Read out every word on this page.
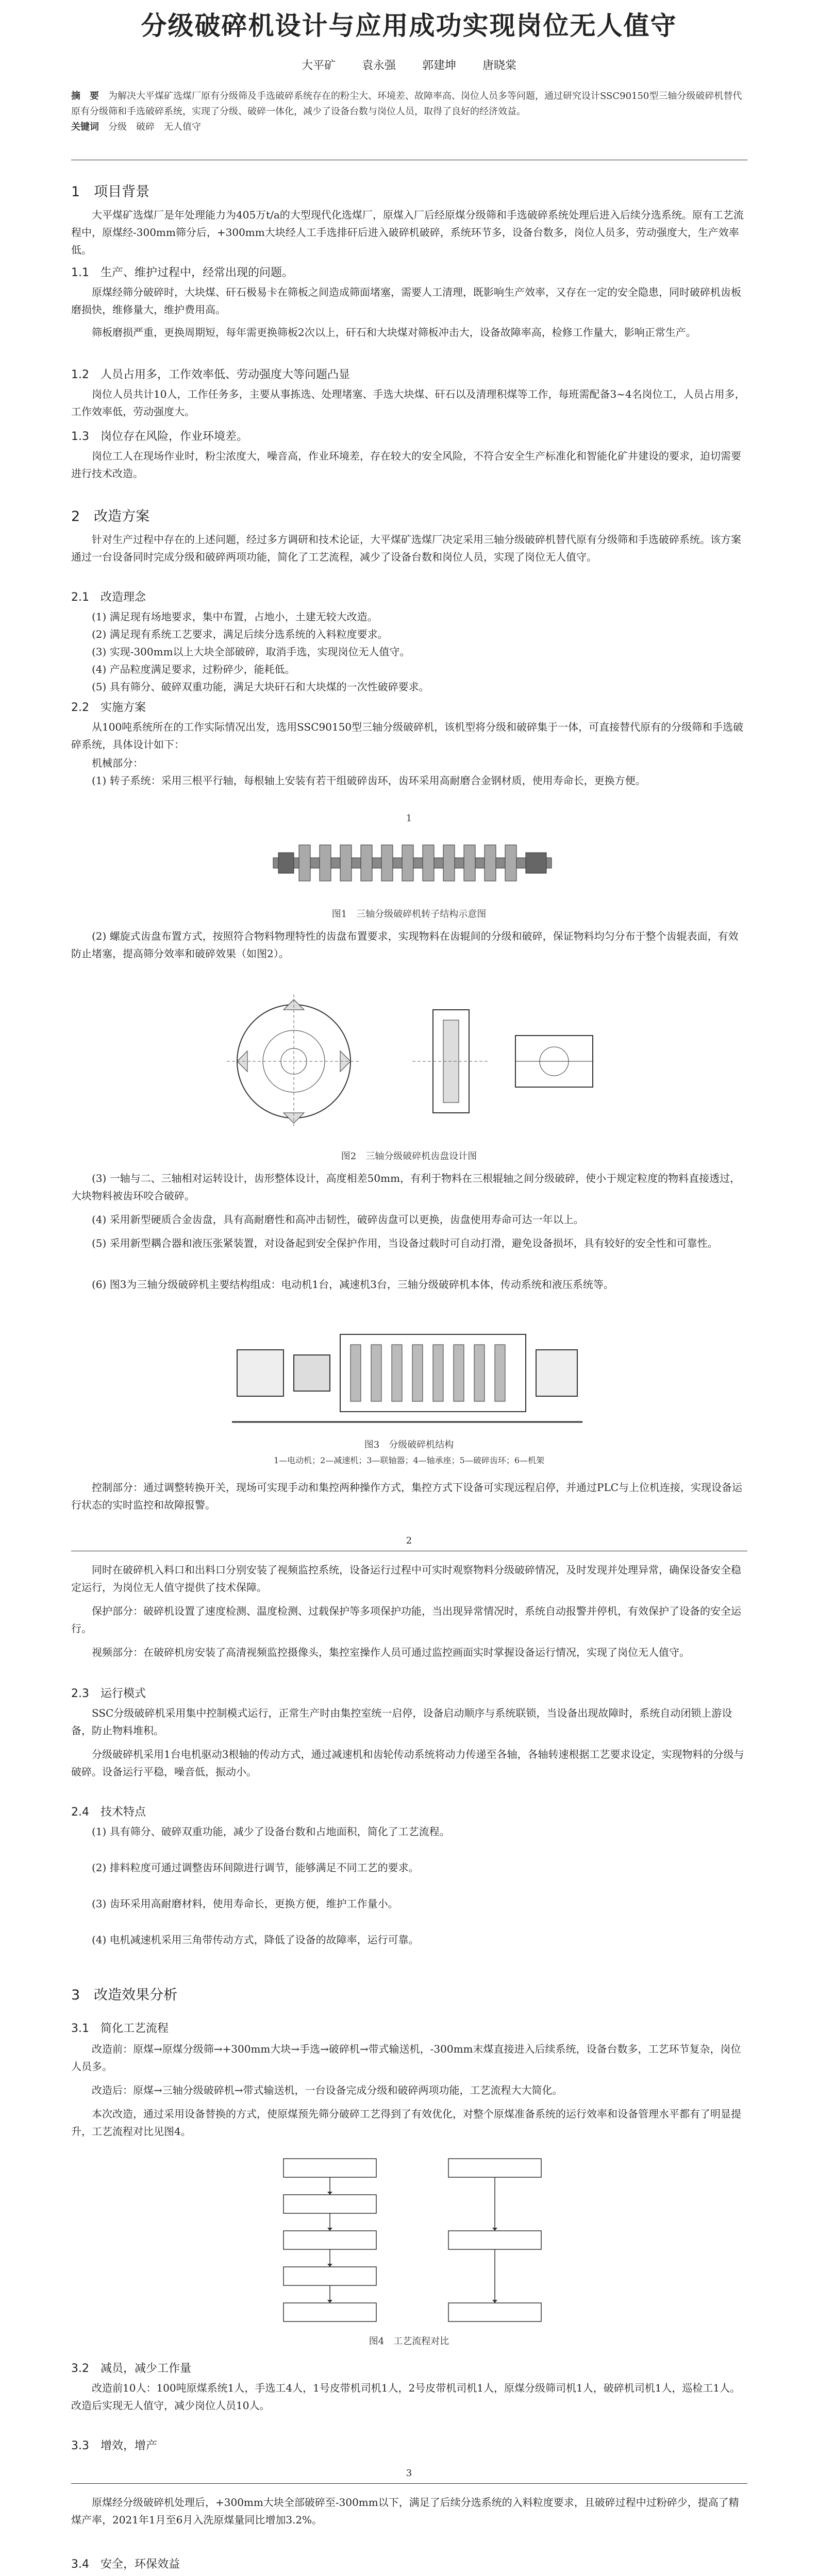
分级破碎机设计与应用成功实现岗位无人值守
大平矿 袁永强 郭建坤 唐晓棠
摘　要　 为解决大平煤矿选煤厂原有分级筛及手选破碎系统存在的粉尘大、环境差、故障率高、岗位人员多等问题，通过研究设计SSC90150型三轴分级破碎机替代原有分级筛和手选破碎系统，实现了分级、破碎一体化，减少了设备台数与岗位人员，取得了良好的经济效益。
关键词　 分级　破碎　无人值守
1　项目背景
大平煤矿选煤厂是年处理能力为405万t/a的大型现代化选煤厂，原煤入厂后经原煤分级筛和手选破碎系统处理后进入后续分选系统。原有工艺流程中，原煤经-300mm筛分后，+300mm大块经人工手选排矸后进入破碎机破碎，系统环节多，设备台数多，岗位人员多，劳动强度大，生产效率低。
1.1　生产、维护过程中，经常出现的问题。
原煤经筛分破碎时，大块煤、矸石极易卡在筛板之间造成筛面堵塞，需要人工清理，既影响生产效率，又存在一定的安全隐患，同时破碎机齿板磨损快，维修量大，维护费用高。
筛板磨损严重，更换周期短，每年需更换筛板2次以上，矸石和大块煤对筛板冲击大，设备故障率高，检修工作量大，影响正常生产。
1.2　人员占用多，工作效率低、劳动强度大等问题凸显
岗位人员共计10人，工作任务多，主要从事拣选、处理堵塞、手选大块煤、矸石以及清理积煤等工作，每班需配备3~4名岗位工，人员占用多，工作效率低，劳动强度大。
1.3　岗位存在风险，作业环境差。
岗位工人在现场作业时，粉尘浓度大，噪音高，作业环境差，存在较大的安全风险，不符合安全生产标准化和智能化矿井建设的要求，迫切需要进行技术改造。
2　改造方案
针对生产过程中存在的上述问题，经过多方调研和技术论证，大平煤矿选煤厂决定采用三轴分级破碎机替代原有分级筛和手选破碎系统。该方案通过一台设备同时完成分级和破碎两项功能，简化了工艺流程，减少了设备台数和岗位人员，实现了岗位无人值守。
2.1　改造理念
(1) 满足现有场地要求，集中布置，占地小，土建无较大改造。
(2) 满足现有系统工艺要求，满足后续分选系统的入料粒度要求。
(3) 实现-300mm以上大块全部破碎，取消手选，实现岗位无人值守。
(4) 产品粒度满足要求，过粉碎少，能耗低。
(5) 具有筛分、破碎双重功能，满足大块矸石和大块煤的一次性破碎要求。
2.2　实施方案
从100吨系统所在的工作实际情况出发，选用SSC90150型三轴分级破碎机，该机型将分级和破碎集于一体，可直接替代原有的分级筛和手选破碎系统，具体设计如下：
机械部分：
(1) 转子系统：采用三根平行轴，每根轴上安装有若干组破碎齿环，齿环采用高耐磨合金钢材质，使用寿命长，更换方便。
1
图1　三轴分级破碎机转子结构示意图
(2) 螺旋式齿盘布置方式，按照符合物料物理特性的齿盘布置要求，实现物料在齿辊间的分级和破碎，保证物料均匀分布于整个齿辊表面，有效防止堵塞，提高筛分效率和破碎效果（如图2）。
图2　三轴分级破碎机齿盘设计图
(3) 一轴与二、三轴相对运转设计，齿形整体设计，高度相差50mm，有利于物料在三根辊轴之间分级破碎，使小于规定粒度的物料直接透过，大块物料被齿环咬合破碎。
(4) 采用新型硬质合金齿盘，具有高耐磨性和高冲击韧性，破碎齿盘可以更换，齿盘使用寿命可达一年以上。
(5) 采用新型耦合器和液压张紧装置，对设备起到安全保护作用，当设备过载时可自动打滑，避免设备损坏，具有较好的安全性和可靠性。
(6) 图3为三轴分级破碎机主要结构组成：电动机1台，减速机3台，三轴分级破碎机本体，传动系统和液压系统等。
图3　分级破碎机结构
1—电动机；2—减速机；3—联轴器；4—轴承座；5—破碎齿环；6—机架
控制部分：通过调整转换开关，现场可实现手动和集控两种操作方式，集控方式下设备可实现远程启停，并通过PLC与上位机连接，实现设备运行状态的实时监控和故障报警。
2
同时在破碎机入料口和出料口分别安装了视频监控系统，设备运行过程中可实时观察物料分级破碎情况，及时发现并处理异常，确保设备安全稳定运行，为岗位无人值守提供了技术保障。
保护部分：破碎机设置了速度检测、温度检测、过载保护等多项保护功能，当出现异常情况时，系统自动报警并停机，有效保护了设备的安全运行。
视频部分：在破碎机房安装了高清视频监控摄像头，集控室操作人员可通过监控画面实时掌握设备运行情况，实现了岗位无人值守。
2.3　运行模式
SSC分级破碎机采用集中控制模式运行，正常生产时由集控室统一启停，设备启动顺序与系统联锁，当设备出现故障时，系统自动闭锁上游设备，防止物料堆积。
分级破碎机采用1台电机驱动3根轴的传动方式，通过减速机和齿轮传动系统将动力传递至各轴，各轴转速根据工艺要求设定，实现物料的分级与破碎。设备运行平稳，噪音低，振动小。
2.4　技术特点
(1) 具有筛分、破碎双重功能，减少了设备台数和占地面积，简化了工艺流程。
(2) 排料粒度可通过调整齿环间隙进行调节，能够满足不同工艺的要求。
(3) 齿环采用高耐磨材料，使用寿命长，更换方便，维护工作量小。
(4) 电机减速机采用三角带传动方式，降低了设备的故障率，运行可靠。
3　改造效果分析
3.1　简化工艺流程
改造前：原煤→原煤分级筛→+300mm大块→手选→破碎机→带式输送机，-300mm末煤直接进入后续系统，设备台数多，工艺环节复杂，岗位人员多。
改造后：原煤→三轴分级破碎机→带式输送机，一台设备完成分级和破碎两项功能，工艺流程大大简化。
本次改造，通过采用设备替换的方式，使原煤预先筛分破碎工艺得到了有效优化，对整个原煤准备系统的运行效率和设备管理水平都有了明显提升，工艺流程对比见图4。
图4　工艺流程对比
3.2　减员，减少工作量
改造前10人：100吨原煤系统1人，手选工4人，1号皮带机司机1人，2号皮带机司机1人，原煤分级筛司机1人，破碎机司机1人，巡检工1人。改造后实现无人值守，减少岗位人员10人。
3.3　增效，增产
3
原煤经分级破碎机处理后，+300mm大块全部破碎至-300mm以下，满足了后续分选系统的入料粒度要求，且破碎过程中过粉碎少，提高了精煤产率，2021年1月至6月入洗原煤量同比增加3.2%。
3.4　安全，环保效益
